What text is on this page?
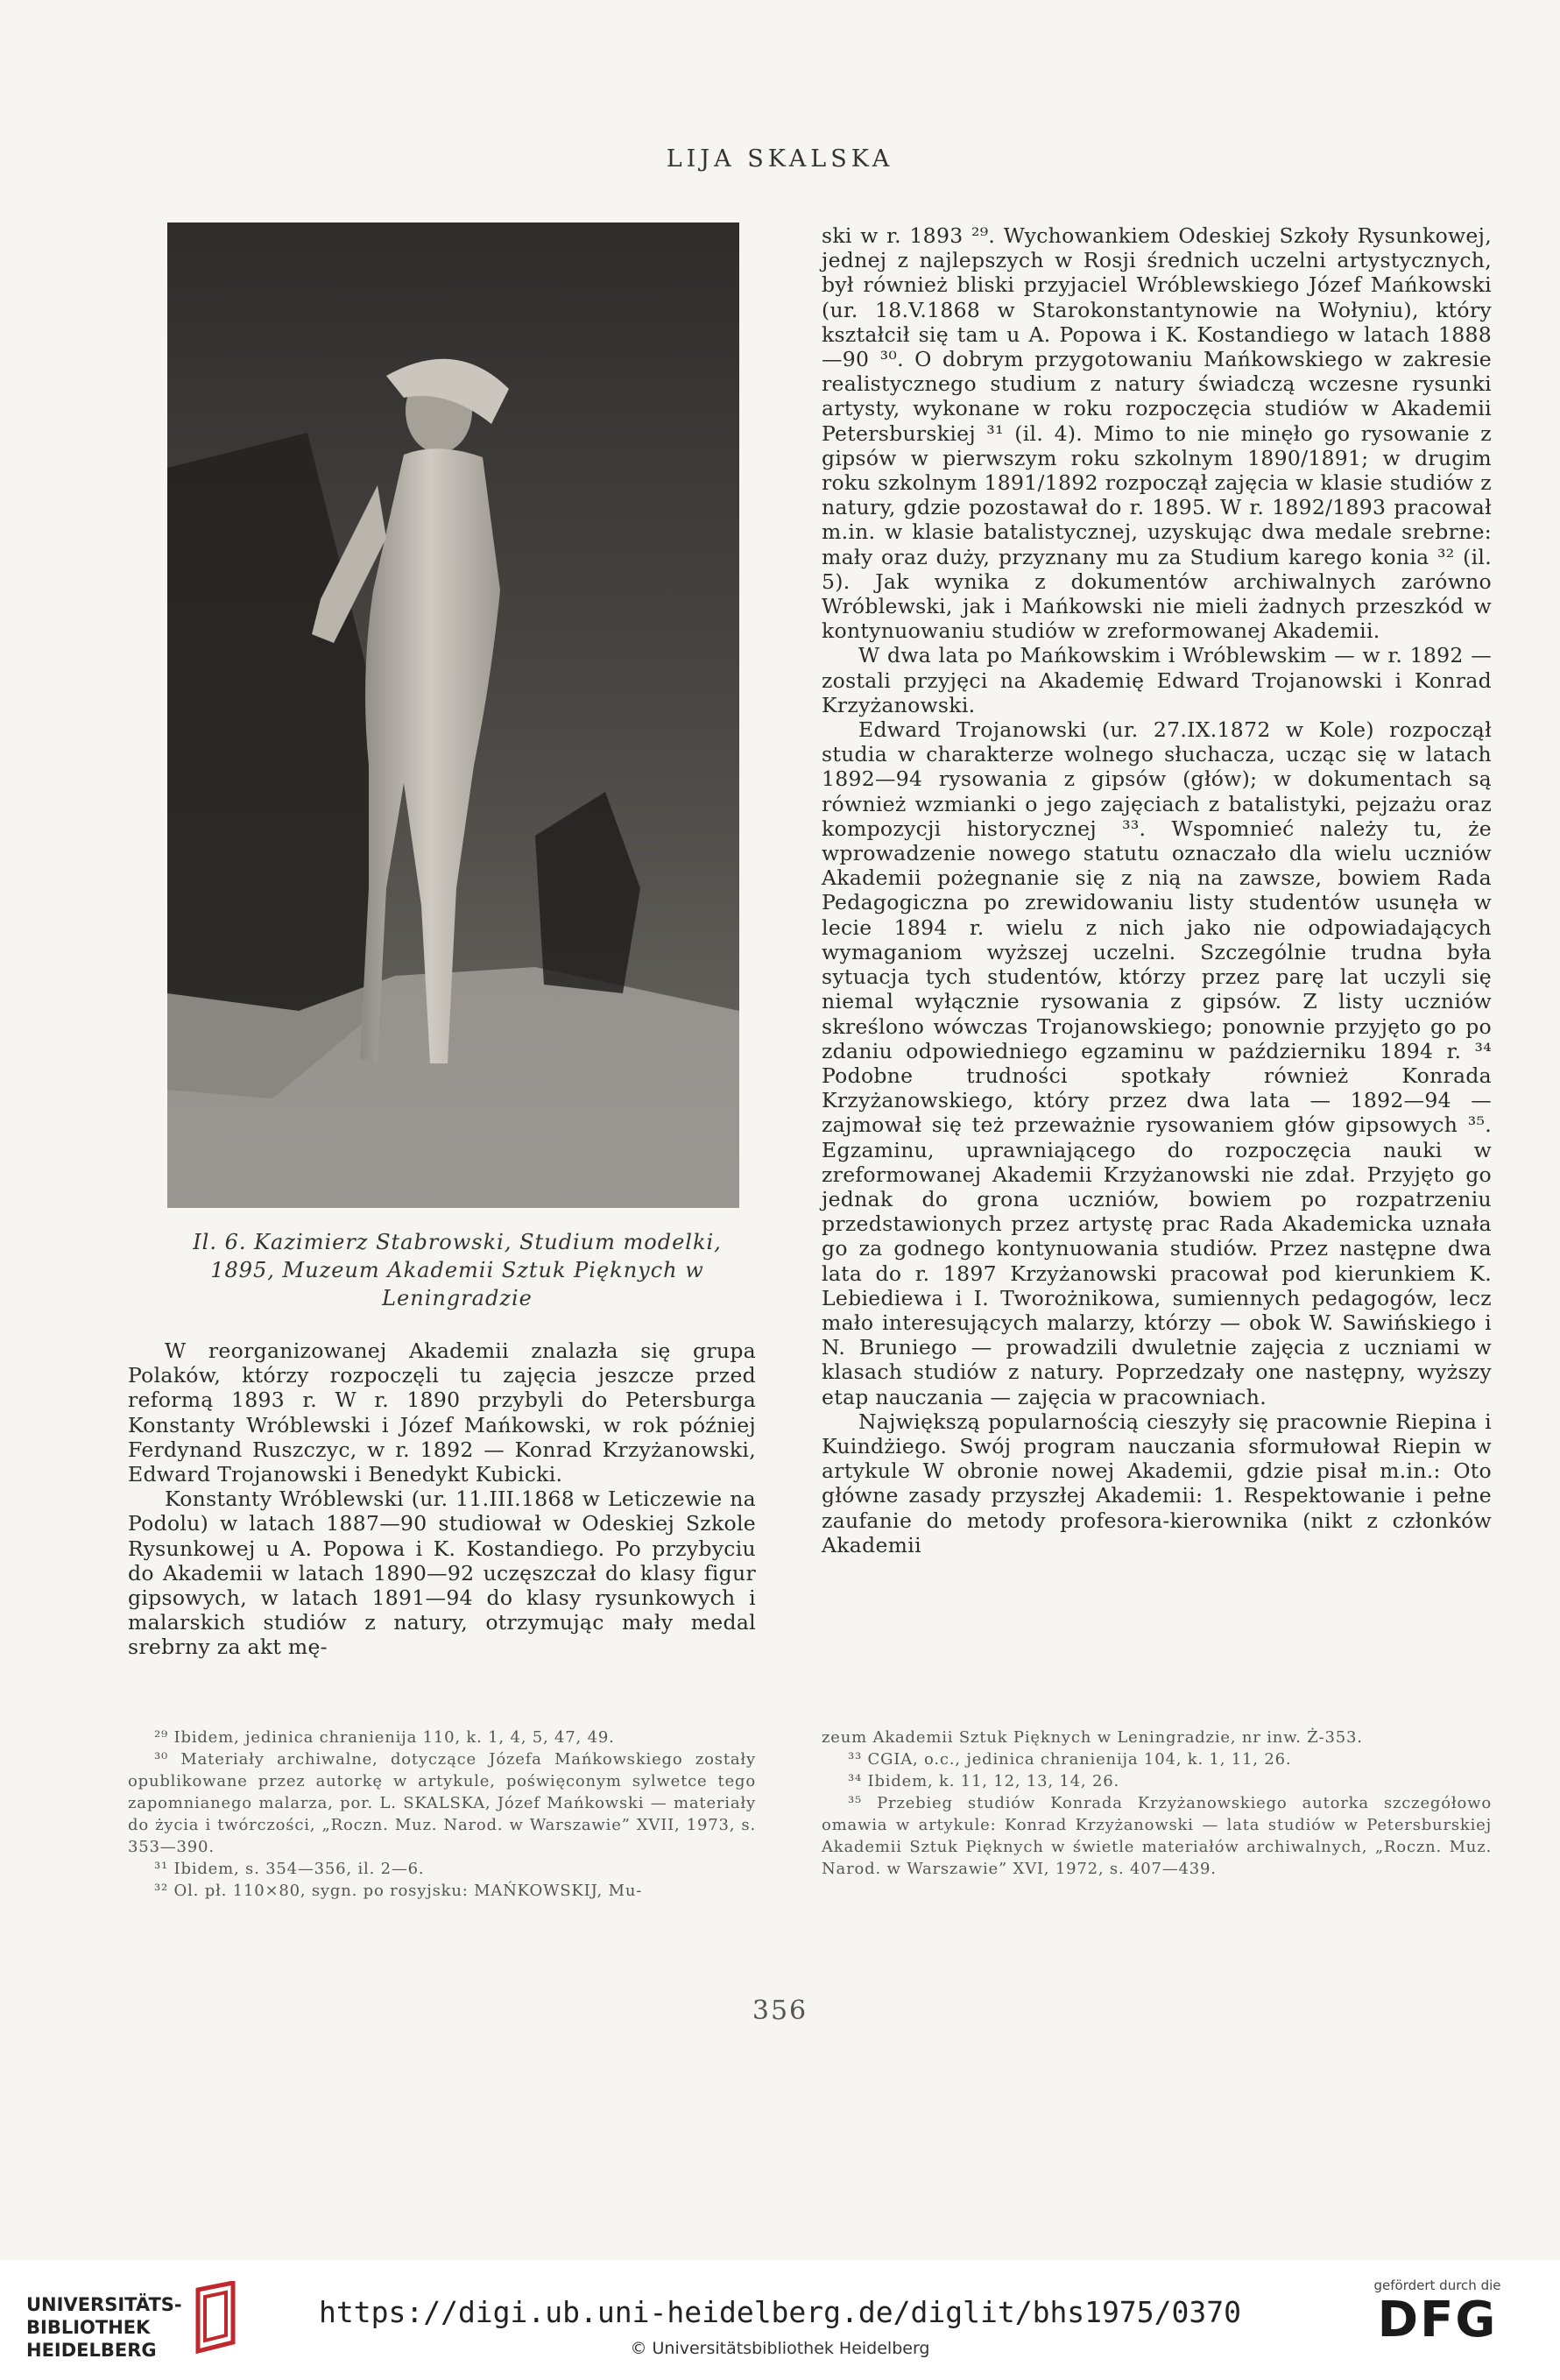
LIJA SKALSKA
Il. 6. Kazimierz Stabrowski, Studium modelki, 1895, Muzeum Akademii Sztuk Pięknych w Leningradzie

W reorganizowanej Akademii znalazła się grupa Polaków, którzy rozpoczęli tu zajęcia jeszcze przed reformą 1893 r. W r. 1890 przybyli do Petersburga Konstanty Wróblewski i Józef Mańkowski, w rok później Ferdynand Ruszczyc, w r. 1892 — Konrad Krzyżanowski, Edward Trojanowski i Benedykt Kubicki.

Konstanty Wróblewski (ur. 11.III.1868 w Leticzewie na Podolu) w latach 1887—90 studiował w Odeskiej Szkole Rysunkowej u A. Popowa i K. Kostandiego. Po przybyciu do Akademii w latach 1890—92 uczęszczał do klasy figur gipsowych, w latach 1891—94 do klasy rysunkowych i malarskich studiów z natury, otrzymując mały medal srebrny za akt mę-

ski w r. 1893 ²⁹. Wychowankiem Odeskiej Szkoły Rysunkowej, jednej z najlepszych w Rosji średnich uczelni artystycznych, był również bliski przyjaciel Wróblewskiego Józef Mańkowski (ur. 18.V.1868 w Starokonstantynowie na Wołyniu), który kształcił się tam u A. Popowa i K. Kostandiego w latach 1888—90 ³⁰. O dobrym przygotowaniu Mańkowskiego w zakresie realistycznego studium z natury świadczą wczesne rysunki artysty, wykonane w roku rozpoczęcia studiów w Akademii Petersburskiej ³¹ (il. 4). Mimo to nie minęło go rysowanie z gipsów w pierwszym roku szkolnym 1890/1891; w drugim roku szkolnym 1891/1892 rozpoczął zajęcia w klasie studiów z natury, gdzie pozostawał do r. 1895. W r. 1892/1893 pracował m.in. w klasie batalistycznej, uzyskując dwa medale srebrne: mały oraz duży, przyznany mu za Studium karego konia ³² (il. 5). Jak wynika z dokumentów archiwalnych zarówno Wróblewski, jak i Mańkowski nie mieli żadnych przeszkód w kontynuowaniu studiów w zreformowanej Akademii.

W dwa lata po Mańkowskim i Wróblewskim — w r. 1892 — zostali przyjęci na Akademię Edward Trojanowski i Konrad Krzyżanowski.

Edward Trojanowski (ur. 27.IX.1872 w Kole) rozpoczął studia w charakterze wolnego słuchacza, ucząc się w latach 1892—94 rysowania z gipsów (głów); w dokumentach są również wzmianki o jego zajęciach z batalistyki, pejzażu oraz kompozycji historycznej ³³. Wspomnieć należy tu, że wprowadzenie nowego statutu oznaczało dla wielu uczniów Akademii pożegnanie się z nią na zawsze, bowiem Rada Pedagogiczna po zrewidowaniu listy studentów usunęła w lecie 1894 r. wielu z nich jako nie odpowiadających wymaganiom wyższej uczelni. Szczególnie trudna była sytuacja tych studentów, którzy przez parę lat uczyli się niemal wyłącznie rysowania z gipsów. Z listy uczniów skreślono wówczas Trojanowskiego; ponownie przyjęto go po zdaniu odpowiedniego egzaminu w październiku 1894 r. ³⁴ Podobne trudności spotkały również Konrada Krzyżanowskiego, który przez dwa lata — 1892—94 — zajmował się też przeważnie rysowaniem głów gipsowych ³⁵. Egzaminu, uprawniającego do rozpoczęcia nauki w zreformowanej Akademii Krzyżanowski nie zdał. Przyjęto go jednak do grona uczniów, bowiem po rozpatrzeniu przedstawionych przez artystę prac Rada Akademicka uznała go za godnego kontynuowania studiów. Przez następne dwa lata do r. 1897 Krzyżanowski pracował pod kierunkiem K. Lebiediewa i I. Tworożnikowa, sumiennych pedagogów, lecz mało interesujących malarzy, którzy — obok W. Sawińskiego i N. Bruniego — prowadzili dwuletnie zajęcia z uczniami w klasach studiów z natury. Poprzedzały one następny, wyższy etap nauczania — zajęcia w pracowniach.

Największą popularnością cieszyły się pracownie Riepina i Kuindżiego. Swój program nauczania sformułował Riepin w artykule W obronie nowej Akademii, gdzie pisał m.in.: Oto główne zasady przyszłej Akademii: 1. Respektowanie i pełne zaufanie do metody profesora-kierownika (nikt z członków Akademii

²⁹ Ibidem, jedinica chranienija 110, k. 1, 4, 5, 47, 49.

³⁰ Materiały archiwalne, dotyczące Józefa Mańkowskiego zostały opublikowane przez autorkę w artykule, poświęconym sylwetce tego zapomnianego malarza, por. L. SKALSKA, Józef Mańkowski — materiały do życia i twórczości, „Roczn. Muz. Narod. w Warszawie” XVII, 1973, s. 353—390.

³¹ Ibidem, s. 354—356, il. 2—6.

³² Ol. pł. 110×80, sygn. po rosyjsku: MAŃKOWSKIJ, Mu-

zeum Akademii Sztuk Pięknych w Leningradzie, nr inw. Ż-353.

³³ CGIA, o.c., jedinica chranienija 104, k. 1, 11, 26.

³⁴ Ibidem, k. 11, 12, 13, 14, 26.

³⁵ Przebieg studiów Konrada Krzyżanowskiego autorka szczegółowo omawia w artykule: Konrad Krzyżanowski — lata studiów w Petersburskiej Akademii Sztuk Pięknych w świetle materiałów archiwalnych, „Roczn. Muz. Narod. w Warszawie” XVI, 1972, s. 407—439.

356
UNIVERSITÄTS-
BIBLIOTHEK
HEIDELBERG
https://digi.ub.uni-heidelberg.de/diglit/bhs1975/0370
© Universitätsbibliothek Heidelberg
gefördert durch die
DFG
